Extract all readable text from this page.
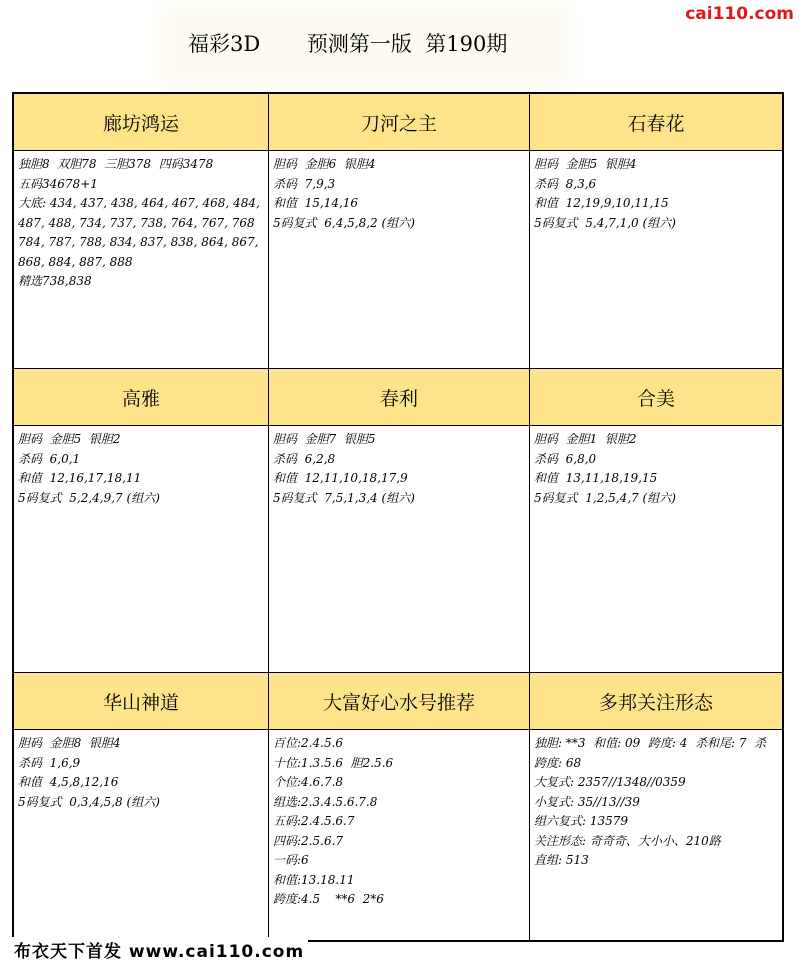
cai110.com
福彩3D       预测第一版  第190期
廊坊鸿运
独胆8  双胆78  三胆378  四码3478
五码34678+1
大底: 434, 437, 438, 464, 467, 468, 484, 487, 488, 734, 737, 738, 764, 767, 768
784, 787, 788, 834, 837, 838, 864, 867, 868, 884, 887, 888
精选738,838
刀河之主
胆码  金胆6  银胆4
杀码  7,9,3
和值  15,14,16
5码复式  6,4,5,8,2 (组六)
石春花
胆码  金胆5  银胆4
杀码  8,3,6
和值  12,19,9,10,11,15
5码复式  5,4,7,1,0 (组六)
高雅
胆码  金胆5  银胆2
杀码  6,0,1
和值  12,16,17,18,11
5码复式  5,2,4,9,7 (组六)
春利
胆码  金胆7  银胆5
杀码  6,2,8
和值  12,11,10,18,17,9
5码复式  7,5,1,3,4 (组六)
合美
胆码  金胆1  银胆2
杀码  6,8,0
和值  13,11,18,19,15
5码复式  1,2,5,4,7 (组六)
华山神道
胆码  金胆8  银胆4
杀码  1,6,9
和值  4,5,8,12,16
5码复式  0,3,4,5,8 (组六)
大富好心水号推荐
百位:2.4.5.6
十位:1.3.5.6  胆2.5.6
个位:4.6.7.8
组选:2.3.4.5.6.7.8
五码:2.4.5.6.7
四码:2.5.6.7
一码:6
和值:13.18.11
跨度:4.5    **6  2*6
多邦关注形态
独胆: **3  和值: 09  跨度: 4  杀和尾: 7  杀跨度: 68
大复式: 2357//1348//0359
小复式: 35//13//39
组六复式: 13579
关注形态: 奇奇奇、大小小、210路
直组: 513
布衣天下首发 www.cai110.com
